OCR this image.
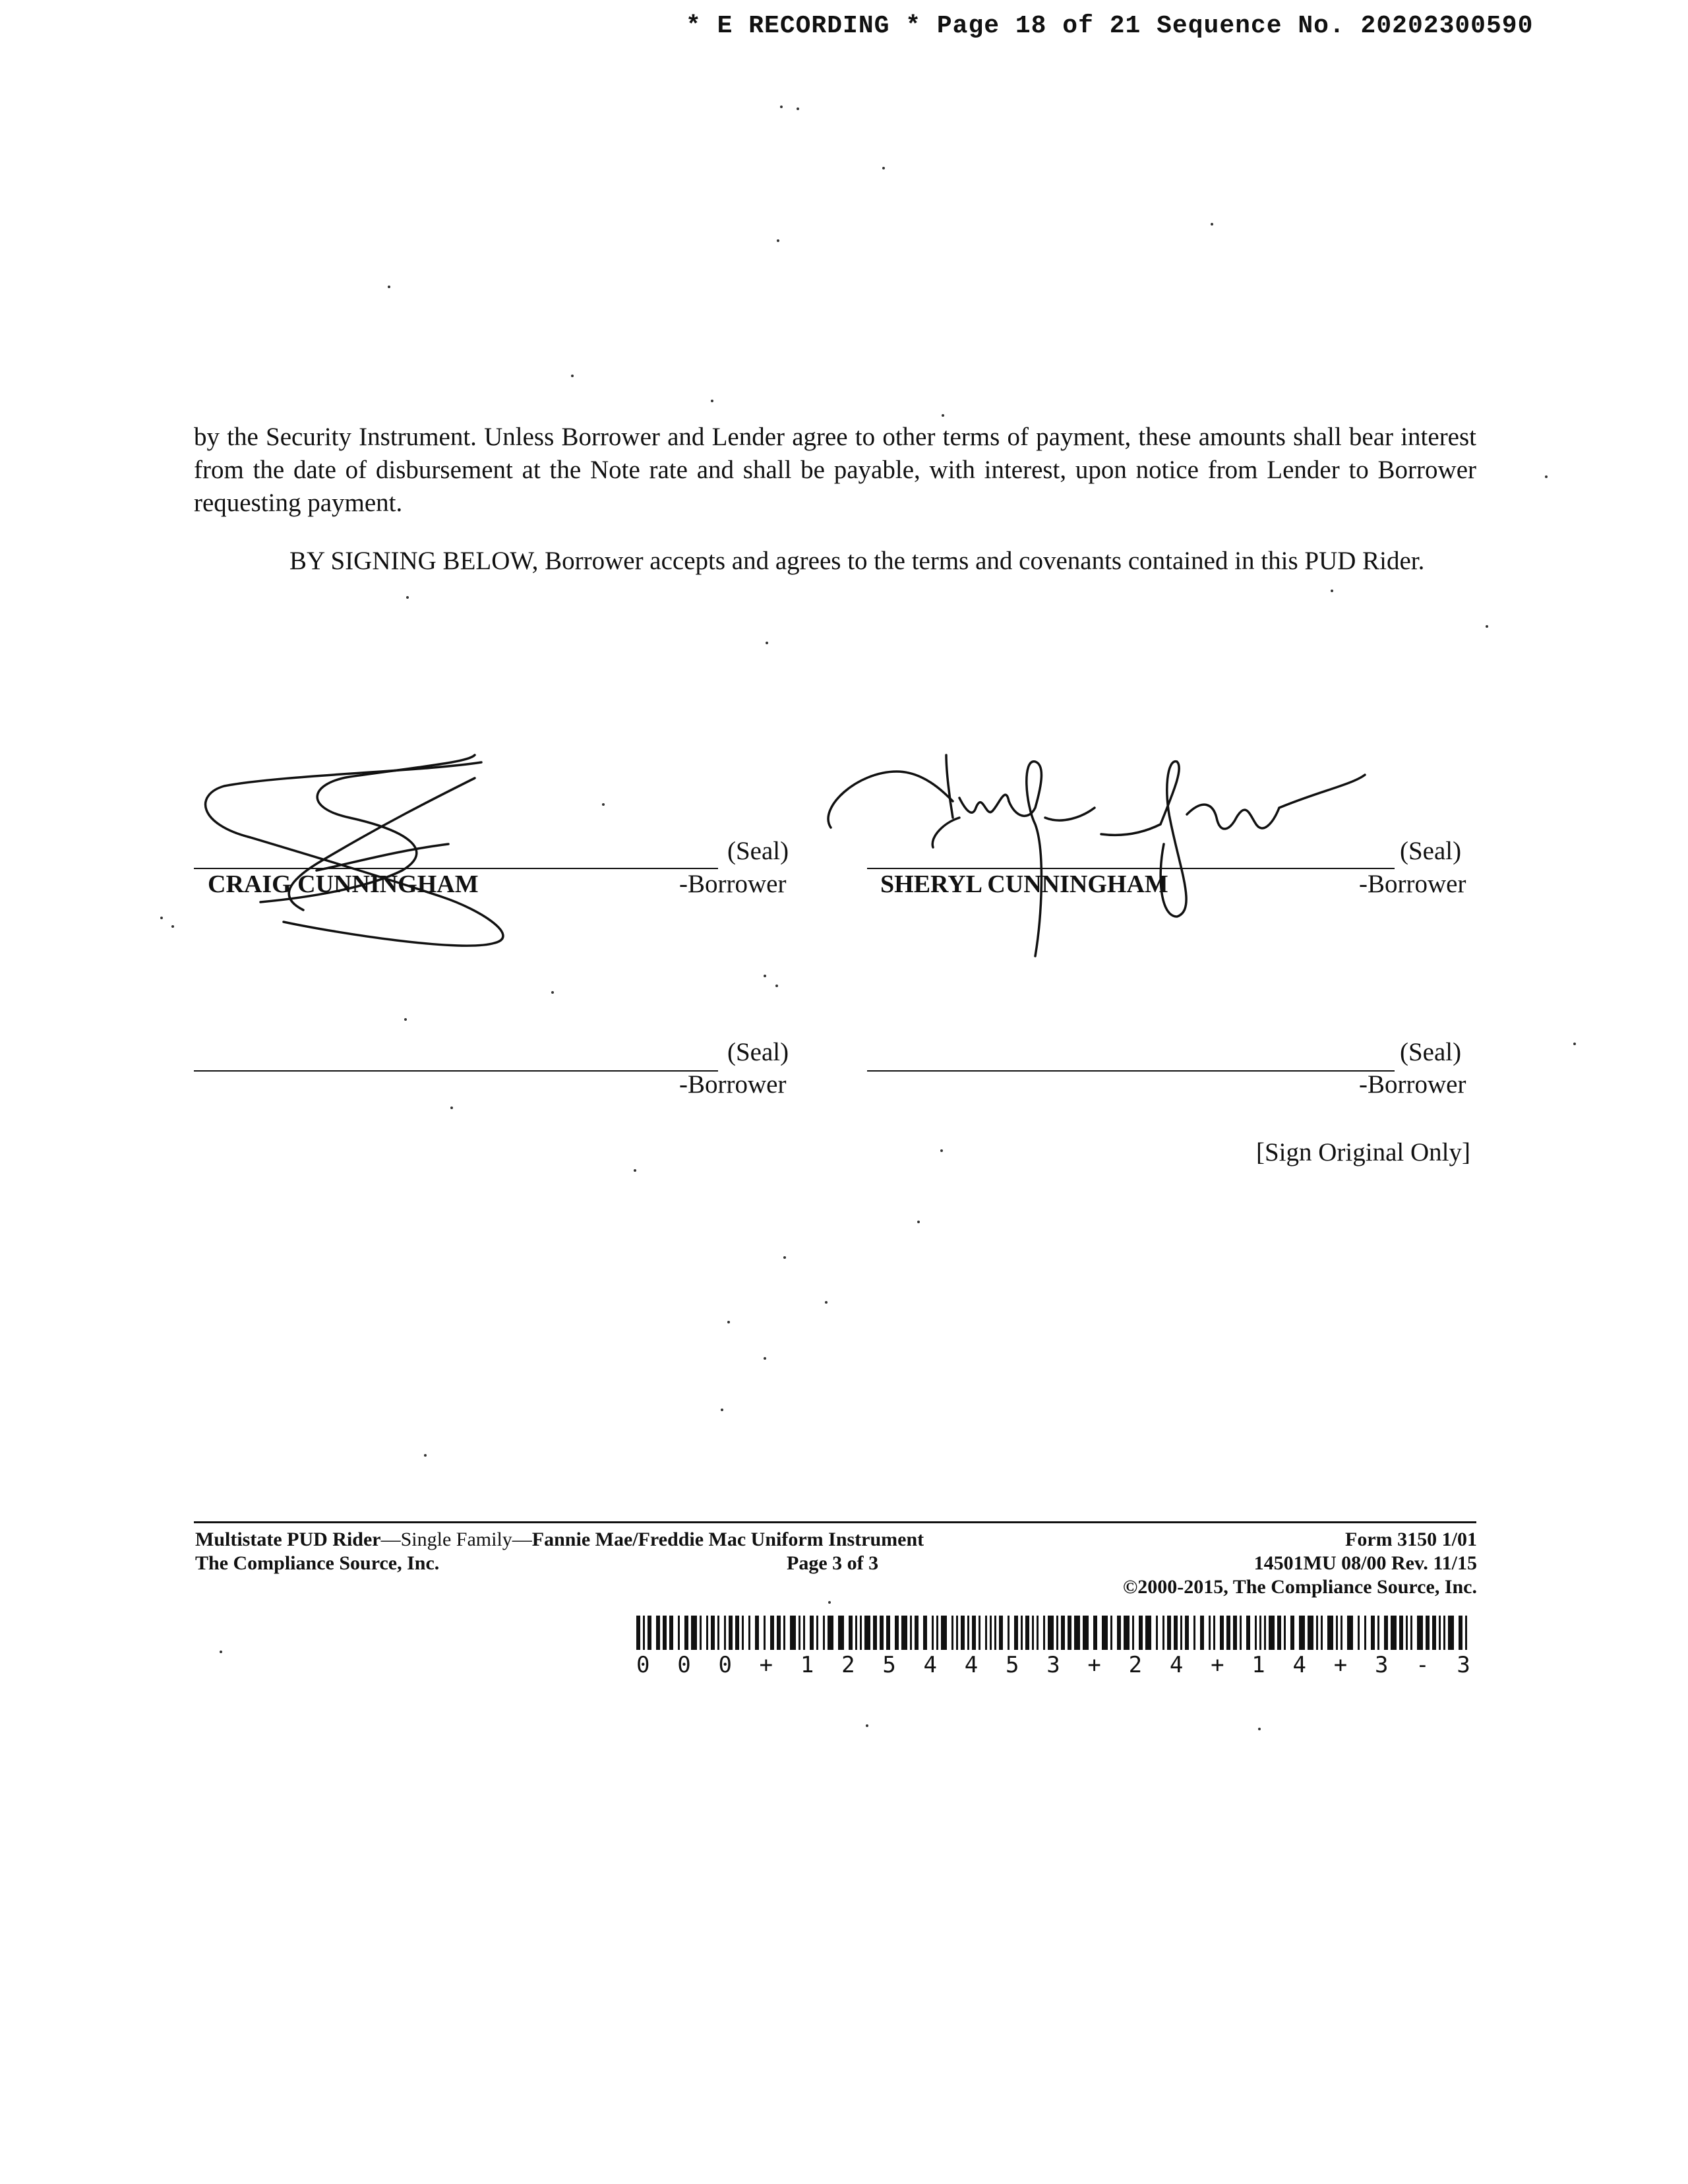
* E RECORDING * Page 18 of 21 Sequence No. 20202300590
by the Security Instrument. Unless Borrower and Lender agree to other terms of payment, these amounts shall bear interest from the date of disbursement at the Note rate and shall be payable, with interest, upon notice from Lender to Borrower requesting payment.
BY SIGNING BELOW, Borrower accepts and agrees to the terms and covenants contained in this PUD Rider.
(Seal)
CRAIG CUNNINGHAM	-Borrower
(Seal)
SHERYL CUNNINGHAM	-Borrower
(Seal)
-Borrower
(Seal)
-Borrower
[Sign Original Only]
Multistate PUD Rider—Single Family—Fannie Mae/Freddie Mac Uniform Instrument
The Compliance Source, Inc.	Page 3 of 3
Form 3150 1/01
14501MU 08/00 Rev. 11/15
©2000-2015, The Compliance Source, Inc.
0 0 0 + 1 2 5 4 4 5 3 + 2 4 + 1 4 + 3 - 3
